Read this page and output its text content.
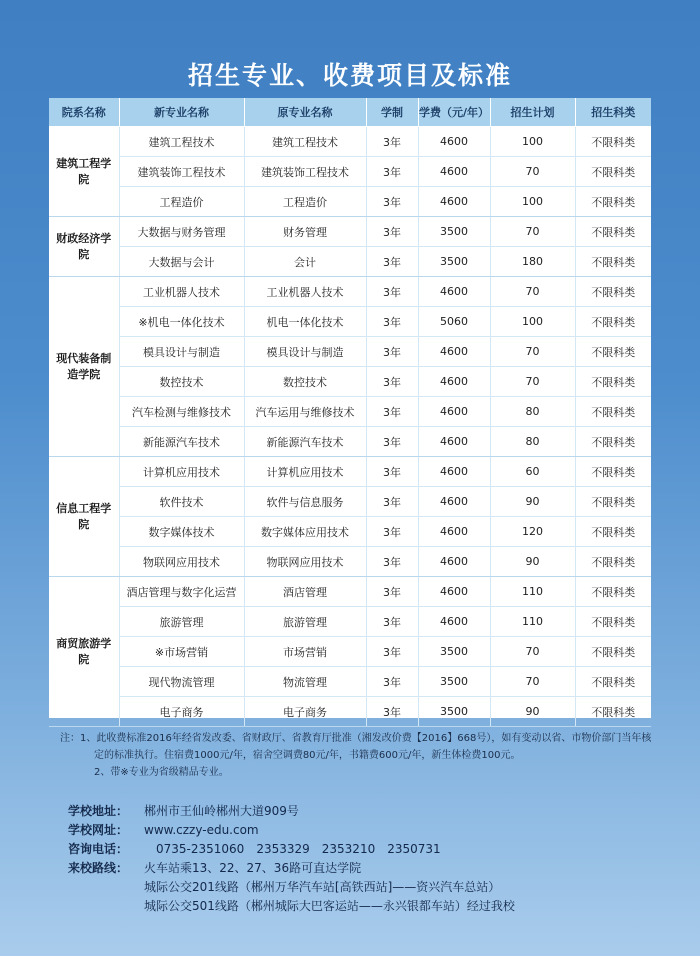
招生专业、收费项目及标准
院系名称	新专业名称	原专业名称	学制	学费（元/年）	招生计划	招生科类
建筑工程学院	建筑工程技术	建筑工程技术	3年	4600	100	不限科类
	建筑装饰工程技术	建筑装饰工程技术	3年	4600	70	不限科类
	工程造价	工程造价	3年	4600	100	不限科类
财政经济学院	大数据与财务管理	财务管理	3年	3500	70	不限科类
	大数据与会计	会计	3年	3500	180	不限科类
现代装备制造学院	工业机器人技术	工业机器人技术	3年	4600	70	不限科类
	※机电一体化技术	机电一体化技术	3年	5060	100	不限科类
	模具设计与制造	模具设计与制造	3年	4600	70	不限科类
	数控技术	数控技术	3年	4600	70	不限科类
	汽车检测与维修技术	汽车运用与维修技术	3年	4600	80	不限科类
	新能源汽车技术	新能源汽车技术	3年	4600	80	不限科类
信息工程学院	计算机应用技术	计算机应用技术	3年	4600	60	不限科类
	软件技术	软件与信息服务	3年	4600	90	不限科类
	数字媒体技术	数字媒体应用技术	3年	4600	120	不限科类
	物联网应用技术	物联网应用技术	3年	4600	90	不限科类
商贸旅游学院	酒店管理与数字化运营	酒店管理	3年	4600	110	不限科类
	旅游管理	旅游管理	3年	4600	110	不限科类
	※市场营销	市场营销	3年	3500	70	不限科类
	现代物流管理	物流管理	3年	3500	70	不限科类
	电子商务	电子商务	3年	3500	90	不限科类
注：1、此收费标准2016年经省发改委、省财政厅、省教育厅批准（湘发改价费【2016】668号），如有变动以省、市物价部门当年核定的标准执行。住宿费1000元/年，宿舍空调费80元/年，书籍费600元/年，新生体检费100元。
2、带※专业为省级精品专业。
学校地址：	郴州市王仙岭郴州大道909号
学校网址：	www.czzy-edu.com
咨询电话：	0735-2351060 2353329 2353210 2350731
来校路线：	火车站乘13、22、27、36路可直达学院
城际公交201线路（郴州万华汽车站[高铁西站]——资兴汽车总站）
城际公交501线路（郴州城际大巴客运站——永兴银都车站）经过我校
